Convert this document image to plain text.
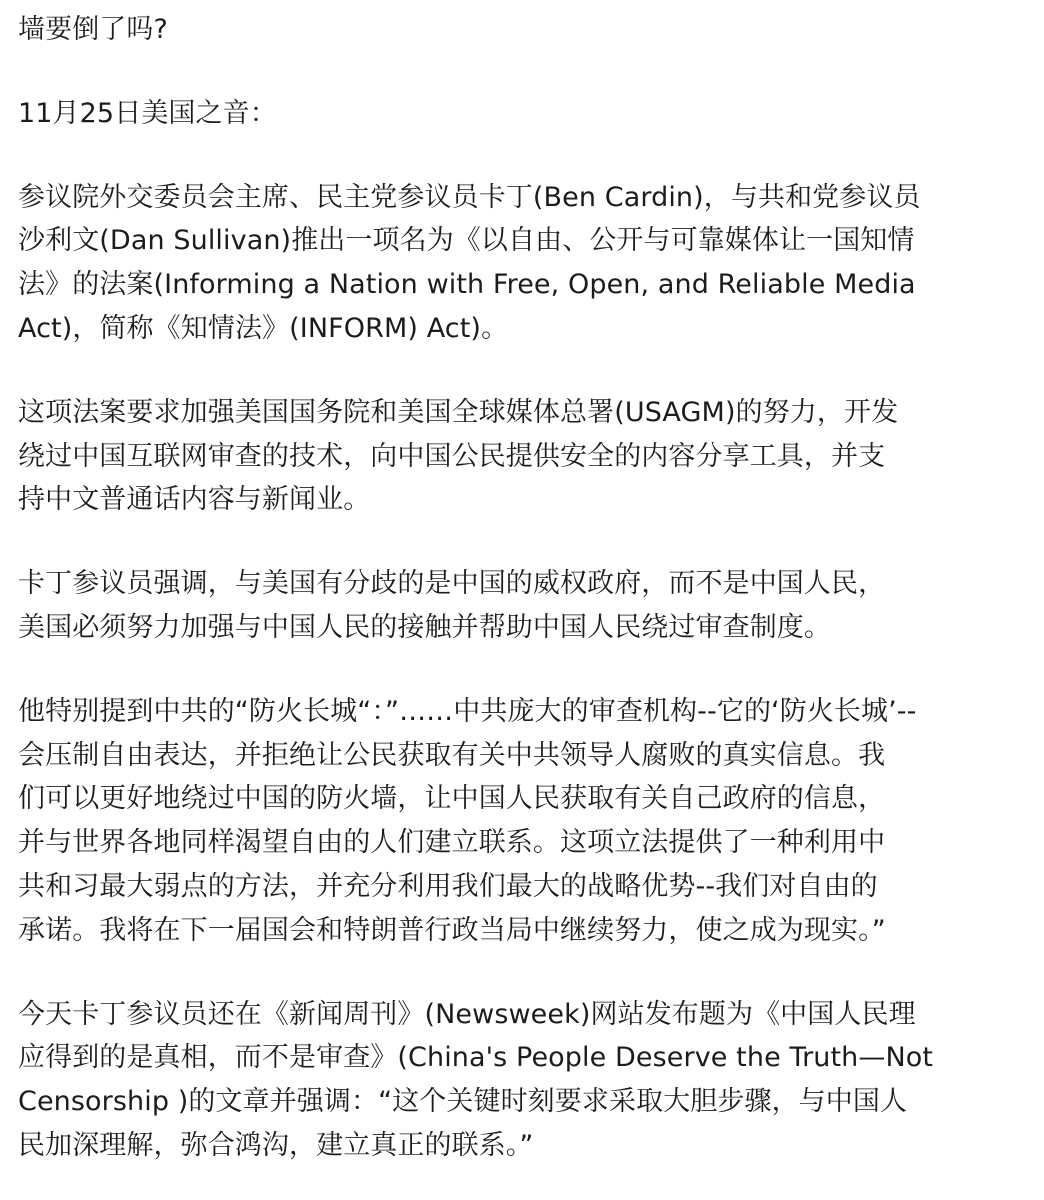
墙要倒了吗?

11月25日美国之音：

参议院外交委员会主席、民主党参议员卡丁(Ben Cardin)，与共和党参议员
沙利文(Dan Sullivan)推出一项名为《以自由、公开与可靠媒体让一国知情
法》的法案(Informing a Nation with Free, Open, and Reliable Media
Act)，简称《知情法》(INFORM) Act)。

这项法案要求加强美国国务院和美国全球媒体总署(USAGM)的努力，开发
绕过中国互联网审查的技术，向中国公民提供安全的内容分享工具，并支
持中文普通话内容与新闻业。

卡丁参议员强调，与美国有分歧的是中国的威权政府，而不是中国人民，
美国必须努力加强与中国人民的接触并帮助中国人民绕过审查制度。

他特别提到中共的“防火长城“：”……中共庞大的审查机构--它的‘防火长城’--
会压制自由表达，并拒绝让公民获取有关中共领导人腐败的真实信息。我
们可以更好地绕过中国的防火墙，让中国人民获取有关自己政府的信息，
并与世界各地同样渴望自由的人们建立联系。这项立法提供了一种利用中
共和习最大弱点的方法，并充分利用我们最大的战略优势--我们对自由的
承诺。我将在下一届国会和特朗普行政当局中继续努力，使之成为现实。”

今天卡丁参议员还在《新闻周刊》(Newsweek)网站发布题为《中国人民理
应得到的是真相，而不是审查》(China's People Deserve the Truth—Not
Censorship )的文章并强调：“这个关键时刻要求采取大胆步骤，与中国人
民加深理解，弥合鸿沟，建立真正的联系。”
